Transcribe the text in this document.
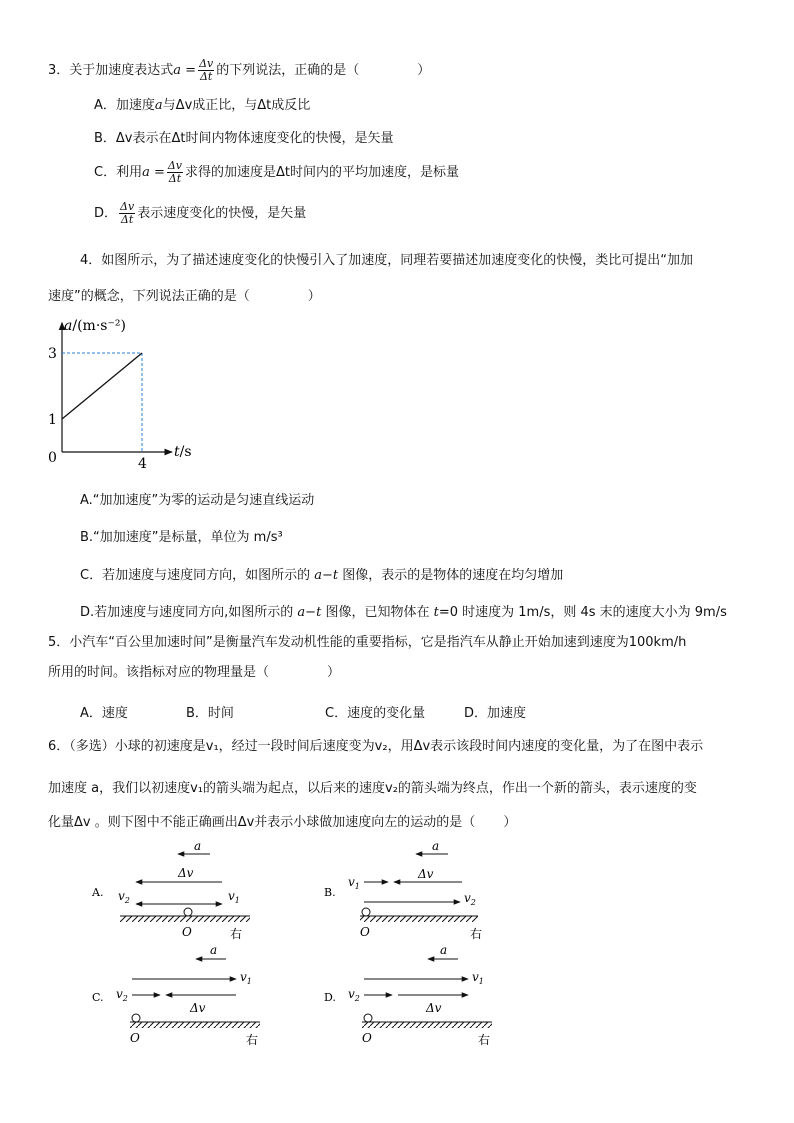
3．关于加速度表达式$a = \frac{\Delta v}{\Delta t}$ 的下列说法，正确的是（	）
A．加速度a与Δv成正比，与Δt成反比
B．Δv表示在Δt时间内物体速度变化的快慢，是矢量
C．利用$a = \frac{\Delta v}{\Delta t}$ 求得的加速度是Δt时间内的平均加速度，是标量
D． $\frac{\Delta v}{\Delta t}$ 表示速度变化的快慢，是矢量
4．如图所示，为了描述速度变化的快慢引入了加速度，同理若要描述加速度变化的快慢，类比可提出“加加
速度”的概念，下列说法正确的是（	）
a/(m·s⁻²)
t/s
0
1
3
4
A.“加加速度”为零的运动是匀速直线运动
B.“加加速度”是标量，单位为 m/s³
C．若加速度与速度同方向，如图所示的 a−t 图像，表示的是物体的速度在均匀增加
D.若加速度与速度同方向,如图所示的 a−t 图像，已知物体在 t=0 时速度为 1m/s，则 4s 末的速度大小为 9m/s
5．小汽车“百公里加速时间”是衡量汽车发动机性能的重要指标，它是指汽车从静止开始加速到速度为100km/h
所用的时间。该指标对应的物理量是（	）
A．速度	B．时间	C．速度的变化量	D．加速度
6．（多选）小球的初速度是v₁，经过一段时间后速度变为v₂，用Δv表示该段时间内速度的变化量，为了在图中表示
加速度 a，我们以初速度v₁的箭头端为起点，以后来的速度v₂的箭头端为终点，作出一个新的箭头，表示速度的变
化量Δv 。则下图中不能正确画出Δv并表示小球做加速度向左的运动的是（ ）
A.
a
Δv
$v_2$	$v_1$
O	右
B.
a
$v_1$
Δv
$v_2$
O	右
C.
a
$v_1$
$v_2$
Δv
O	右
D.
a
$v_1$
$v_2$
Δv
O	右
